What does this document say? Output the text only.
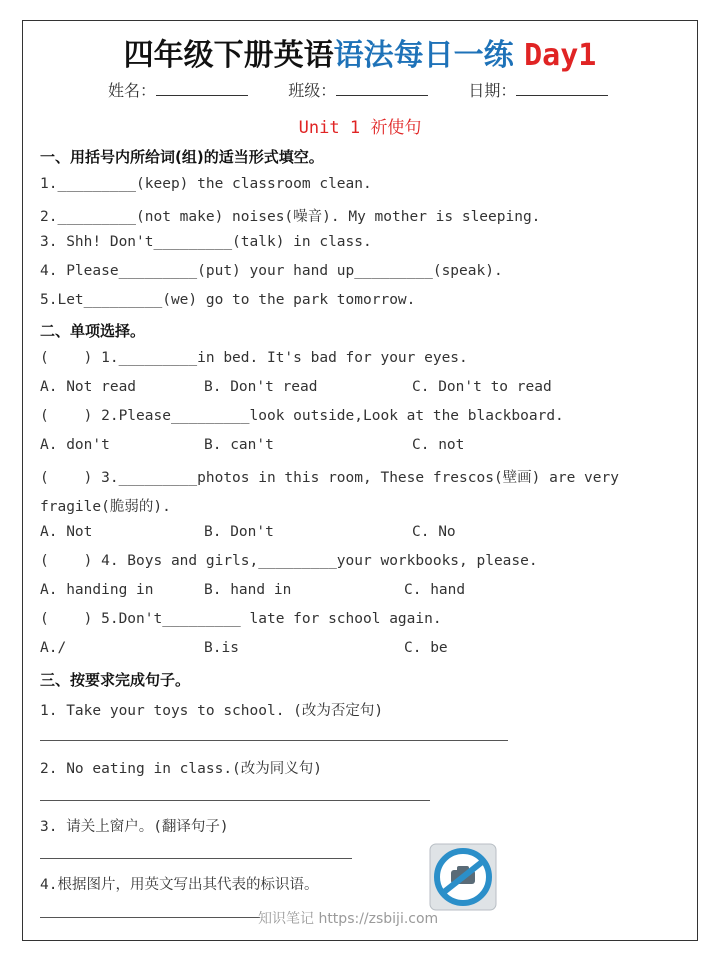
四年级下册英语语法每日一练 Day1
姓名：	班级：	日期：
Unit 1 祈使句
一、用括号内所给词(组)的适当形式填空。
1._________(keep) the classroom clean.
2._________(not make) noises(噪音). My mother is sleeping.
3. Shh! Don't_________(talk) in class.
4. Please_________(put) your hand up_________(speak).
5.Let_________(we) go to the park tomorrow.
二、单项选择。
(    ) 1._________in bed. It's bad for your eyes.
A. Not read	B. Don't read	C. Don't to read
(    ) 2.Please_________look outside,Look at the blackboard.
A. don't	B. can't	C. not
(    ) 3._________photos in this room, These frescos(壁画) are very
fragile(脆弱的).
A. Not	B. Don't	C. No
(    ) 4. Boys and girls,_________your workbooks, please.
A. handing in	B. hand in	C. hand
(    ) 5.Don't_________ late for school again.
A./	B.is	C. be
三、按要求完成句子。
1. Take your toys to school. (改为否定句)
2. No eating in class.(改为同义句)
3. 请关上窗户。(翻译句子)
4.根据图片，用英文写出其代表的标识语。
知识笔记 https://zsbiji.com
